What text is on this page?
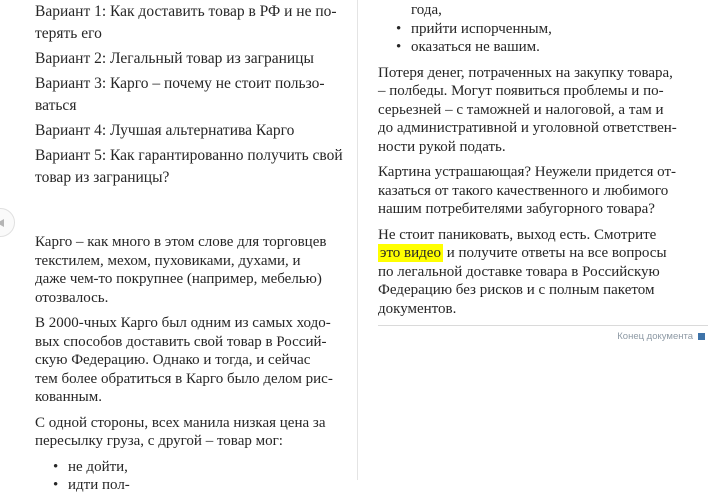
Вариант 1: Как доставить товар в РФ и не по-
терять его
Вариант 2: Легальный товар из заграницы
Вариант 3: Карго – почему не стоит пользо-
ваться
Вариант 4: Лучшая альтернатива Карго
Вариант 5: Как гарантированно получить свой
товар из заграницы?
Карго – как много в этом слове для торговцев
текстилем, мехом, пуховиками, духами, и
даже чем-то покрупнее (например, мебелью)
отозвалось.
В 2000-чных Карго был одним из самых ходо-
вых способов доставить свой товар в Россий-
скую Федерацию. Однако и тогда, и сейчас
тем более обратиться в Карго было делом рис-
кованным.
С одной стороны, всех манила низкая цена за
пересылку груза, с другой – товар мог:
• не дойти,
• идти пол-
года,
• прийти испорченным,
• оказаться не вашим.
Потеря денег, потраченных на закупку товара,
– полбеды. Могут появиться проблемы и по-
серьезней – с таможней и налоговой, а там и
до административной и уголовной ответствен-
ности рукой подать.
Картина устрашающая? Неужели придется от-
казаться от такого качественного и любимого
нашим потребителями забугорного товара?
Не стоит паниковать, выход есть. Смотрите
это видео и получите ответы на все вопросы
по легальной доставке товара в Российскую
Федерацию без рисков и с полным пакетом
документов.
Конец документа
